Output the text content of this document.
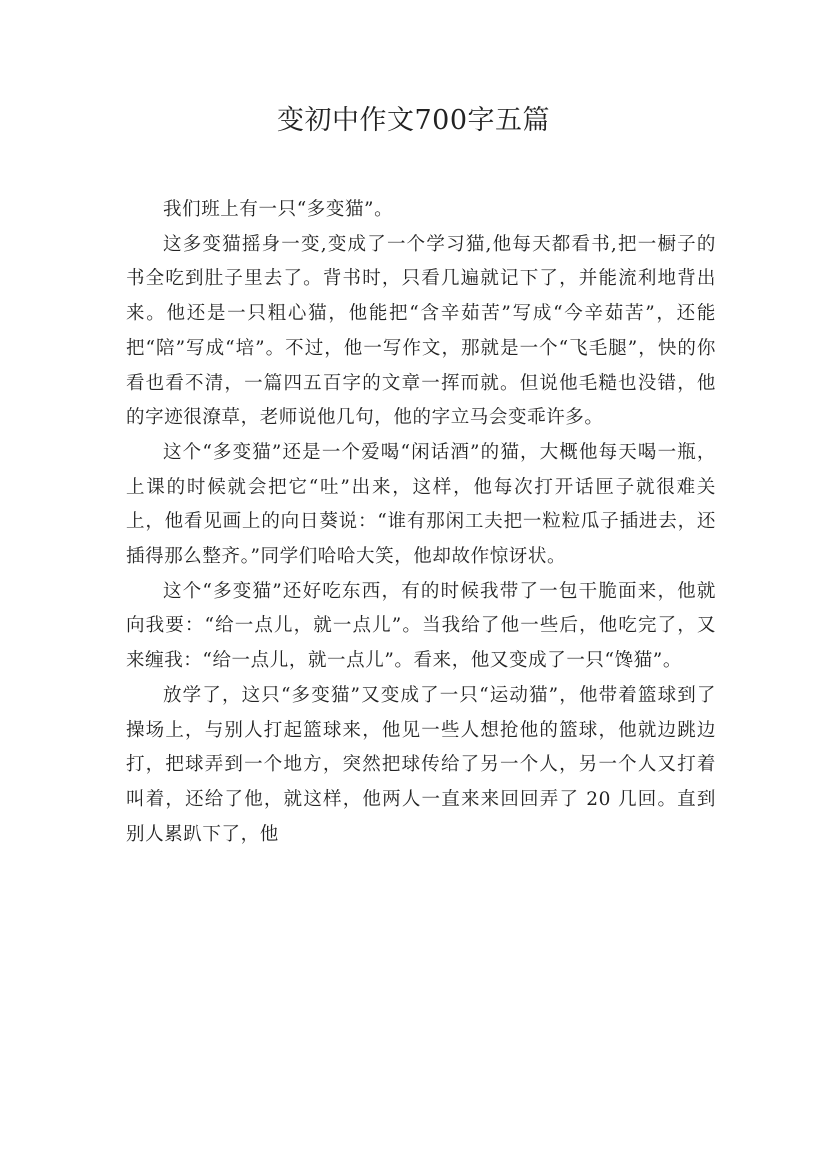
变初中作文700字五篇

我们班上有一只“多变猫”。

这多变猫摇身一变,变成了一个学习猫,他每天都看书,把一橱子的书全吃到肚子里去了。背书时，只看几遍就记下了，并能流利地背出来。他还是一只粗心猫，他能把“含辛茹苦”写成“今辛茹苦”，还能把“陪”写成“培”。不过，他一写作文，那就是一个“飞毛腿”，快的你看也看不清，一篇四五百字的文章一挥而就。但说他毛糙也没错，他的字迹很潦草，老师说他几句，他的字立马会变乖许多。

这个“多变猫”还是一个爱喝“闲话酒”的猫，大概他每天喝一瓶，上课的时候就会把它“吐”出来，这样，他每次打开话匣子就很难关上，他看见画上的向日葵说：“谁有那闲工夫把一粒粒瓜子插进去，还插得那么整齐。”同学们哈哈大笑，他却故作惊讶状。

这个“多变猫”还好吃东西，有的时候我带了一包干脆面来，他就向我要：“给一点儿，就一点儿”。当我给了他一些后，他吃完了，又来缠我：“给一点儿，就一点儿”。看来，他又变成了一只“馋猫”。

放学了，这只“多变猫”又变成了一只“运动猫”，他带着篮球到了操场上，与别人打起篮球来，他见一些人想抢他的篮球，他就边跳边打，把球弄到一个地方，突然把球传给了另一个人，另一个人又打着叫着，还给了他，就这样，他两人一直来来回回弄了 20 几回。直到别人累趴下了，他
